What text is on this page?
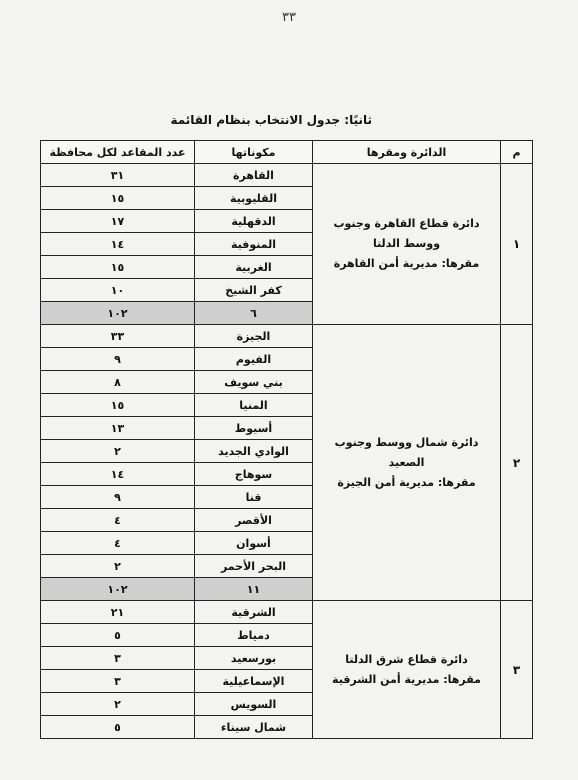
٣٣
ثانيًا: جدول الانتخاب بنظام القائمة
م	الدائرة ومقرها	مكوناتها	عدد المقاعد لكل محافظة
١	دائرة قطاع القاهرة وجنوب ووسط الدلتا
مقرها: مديرية أمن القاهرة	القاهرة	٣١
		القليوبية	١٥
		الدقهلية	١٧
		المنوفية	١٤
		الغربية	١٥
		كفر الشيخ	١٠
		٦	١٠٢
٢	دائرة شمال ووسط وجنوب الصعيد
مقرها: مديرية أمن الجيزة	الجيزة	٣٣
		الفيوم	٩
		بني سويف	٨
		المنيا	١٥
		أسيوط	١٣
		الوادي الجديد	٢
		سوهاج	١٤
		قنا	٩
		الأقصر	٤
		أسوان	٤
		البحر الأحمر	٢
		١١	١٠٢
٣	دائرة قطاع شرق الدلتا
مقرها: مديرية أمن الشرقية	الشرقية	٢١
		دمياط	٥
		بورسعيد	٣
		الإسماعيلية	٣
		السويس	٢
		شمال سيناء	٥
